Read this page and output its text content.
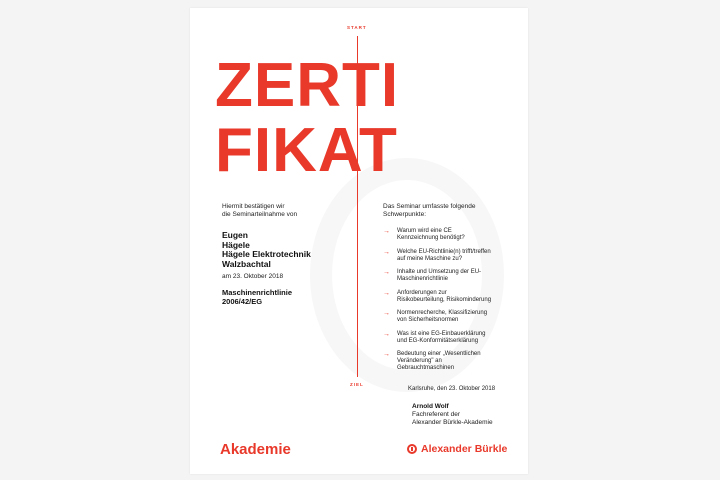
START
ZIEL
ZERTI
FIKAT
Hiermit bestätigen wir
die Seminarteilnahme von
Eugen
Hägele
Hägele Elektrotechnik
Walzbachtal
am 23. Oktober 2018
Maschinenrichtlinie
2006/42/EG
Das Seminar umfasste folgende Schwerpunkte:
→	Warum wird eine CE
Kennzeichnung benötigt?
→	Welche EU-Richtlinie(n) trifft/treffen
auf meine Maschine zu?
→	Inhalte und Umsetzung der EU-
Maschinenrichtlinie
→	Anforderungen zur
Risikobeurteilung, Risikominderung
→	Normenrecherche, Klassifizierung
von Sicherheitsnormen
→	Was ist eine EG-Einbauerklärung
und EG-Konformitätserklärung
→	Bedeutung einer „Wesentlichen
Veränderung" an
Gebrauchtmaschinen
Karlsruhe, den 23. Oktober 2018
Arnold Wolf
Fachreferent der
Alexander Bürkle-Akademie
Akademie	Alexander Bürkle
